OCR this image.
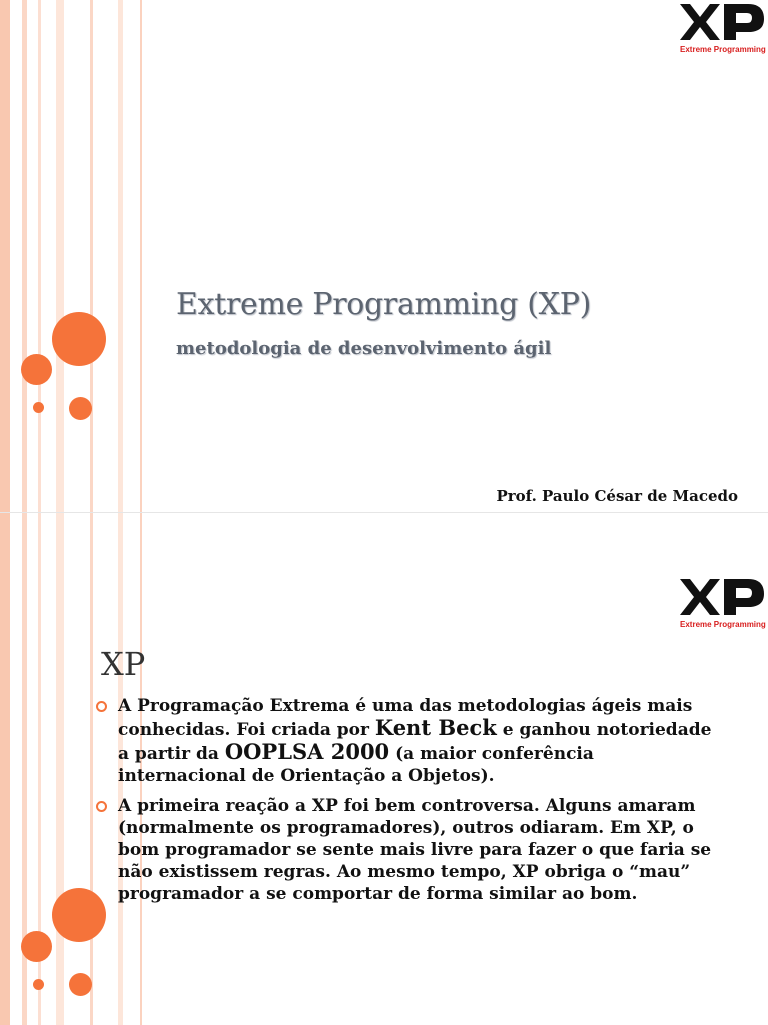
Extreme Programming
Extreme Programming (XP)
metodologia de desenvolvimento ágil
Prof. Paulo César de Macedo
Extreme Programming
XP
A Programação Extrema é uma das metodologias ágeis mais conhecidas. Foi criada por Kent Beck e ganhou notoriedade a partir da OOPLSA 2000 (a maior conferência internacional de Orientação a Objetos).
A primeira reação a XP foi bem controversa. Alguns amaram (normalmente os programadores), outros odiaram. Em XP, o bom programador se sente mais livre para fazer o que faria se não existissem regras. Ao mesmo tempo, XP obriga o “mau” programador a se comportar de forma similar ao bom.
